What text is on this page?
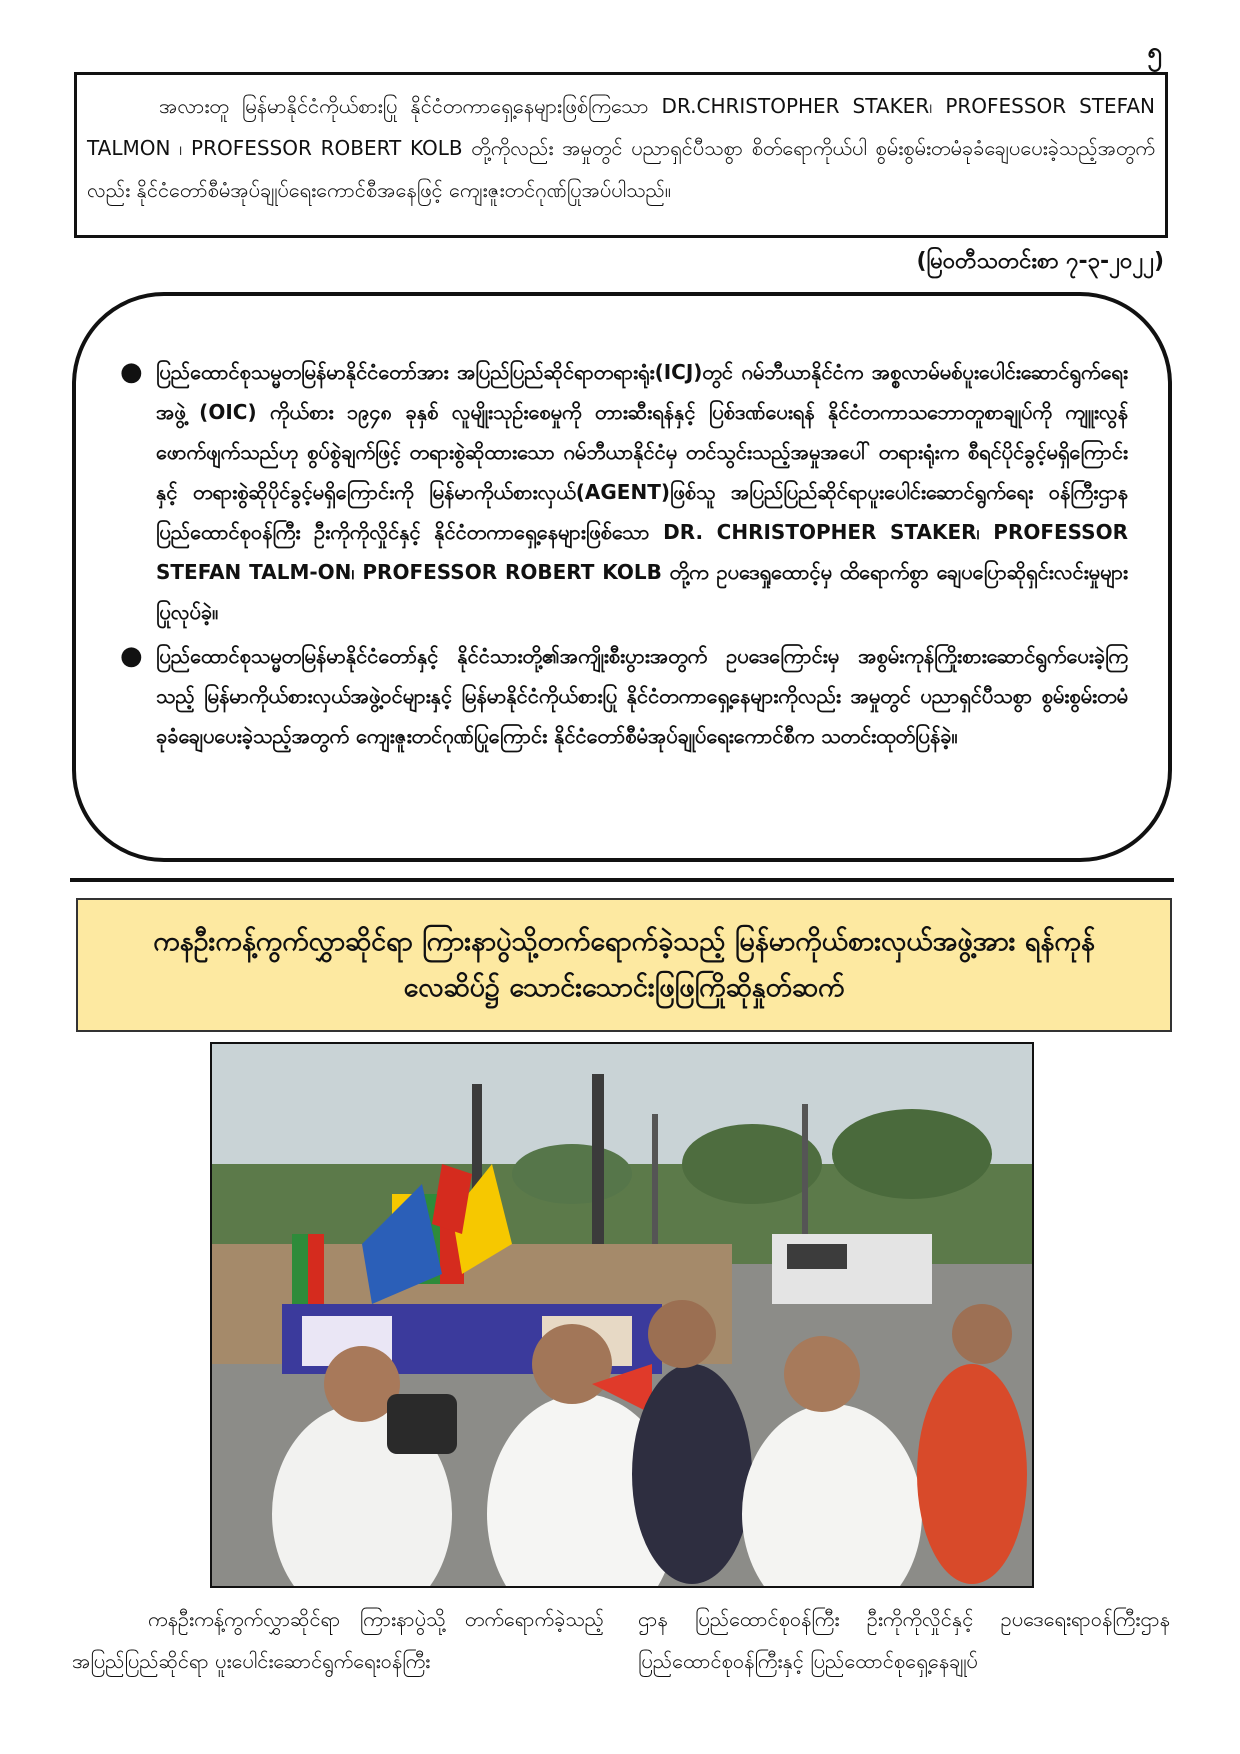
၅

အလားတူ မြန်မာနိုင်ငံကိုယ်စားပြု နိုင်ငံတကာရှေ့နေများဖြစ်ကြသော DR.CHRISTOPHER STAKER၊ PROFESSOR STEFAN TALMON ၊ PROFESSOR ROBERT KOLB တို့ကိုလည်း အမှုတွင် ပညာရှင်ပီသစွာ စိတ်ရောကိုယ်ပါ စွမ်းစွမ်းတမံခုခံချေပပေးခဲ့သည့်အတွက်လည်း နိုင်ငံတော်စီမံအုပ်ချုပ်ရေးကောင်စီအနေဖြင့် ကျေးဇူးတင်ဂုဏ်ပြုအပ်ပါသည်။

(မြဝတီသတင်းစာ ၇-၃-၂၀၂၂)
● ပြည်ထောင်စုသမ္မတမြန်မာနိုင်ငံတော်အား အပြည်ပြည်ဆိုင်ရာတရားရုံး(ICJ)တွင် ဂမ်ဘီယာနိုင်ငံက အစ္စလာမ်မစ်ပူးပေါင်းဆောင်ရွက်ရေးအဖွဲ့ (OIC) ကိုယ်စား ၁၉၄၈ ခုနှစ် လူမျိုးသုဉ်းစေမှုကို တားဆီးရန်နှင့် ပြစ်ဒဏ်ပေးရန် နိုင်ငံတကာသဘောတူစာချုပ်ကို ကျူးလွန်ဖောက်ဖျက်သည်ဟု စွပ်စွဲချက်ဖြင့် တရားစွဲဆိုထားသော ဂမ်ဘီယာနိုင်ငံမှ တင်သွင်းသည့်အမှုအပေါ် တရားရုံးက စီရင်ပိုင်ခွင့်မရှိကြောင်းနှင့် တရားစွဲဆိုပိုင်ခွင့်မရှိကြောင်းကို မြန်မာကိုယ်စားလှယ်(AGENT)ဖြစ်သူ အပြည်ပြည်ဆိုင်ရာပူးပေါင်းဆောင်ရွက်ရေး ဝန်ကြီးဌာန ပြည်ထောင်စုဝန်ကြီး ဦးကိုကိုလှိုင်နှင့် နိုင်ငံတကာရှေ့နေများဖြစ်သော DR. CHRISTOPHER STAKER၊ PROFESSOR STEFAN TALM-ON၊ PROFESSOR ROBERT KOLB တို့က ဥပဒေရှုထောင့်မှ ထိရောက်စွာ ချေပပြောဆိုရှင်းလင်းမှုများ ပြုလုပ်ခဲ့။
● ပြည်ထောင်စုသမ္မတမြန်မာနိုင်ငံတော်နှင့် နိုင်ငံသားတို့၏အကျိုးစီးပွားအတွက် ဥပဒေကြောင်းမှ အစွမ်းကုန်ကြိုးစားဆောင်ရွက်ပေးခဲ့ကြသည့် မြန်မာကိုယ်စားလှယ်အဖွဲ့ဝင်များနှင့် မြန်မာနိုင်ငံကိုယ်စားပြု နိုင်ငံတကာရှေ့နေများကိုလည်း အမှုတွင် ပညာရှင်ပီသစွာ စွမ်းစွမ်းတမံခုခံချေပပေးခဲ့သည့်အတွက် ကျေးဇူးတင်ဂုဏ်ပြုကြောင်း နိုင်ငံတော်စီမံအုပ်ချုပ်ရေးကောင်စီက သတင်းထုတ်ပြန်ခဲ့။
ကနဦးကန့်ကွက်လွှာဆိုင်ရာ ကြားနာပွဲသို့တက်ရောက်ခဲ့သည့် မြန်မာကိုယ်စားလှယ်အဖွဲ့အား ရန်ကုန်လေဆိပ်၌ သောင်းသောင်းဖြဖြကြိုဆိုနှုတ်ဆက်
ကနဦးကန့်ကွက်လွှာဆိုင်ရာ ကြားနာပွဲသို့ တက်ရောက်ခဲ့သည့် အပြည်ပြည်ဆိုင်ရာ ပူးပေါင်းဆောင်ရွက်ရေးဝန်ကြီး
ဌာန ပြည်ထောင်စုဝန်ကြီး ဦးကိုကိုလှိုင်နှင့် ဥပဒေရေးရာဝန်ကြီးဌာန ပြည်ထောင်စုဝန်ကြီးနှင့် ပြည်ထောင်စုရှေ့နေချုပ်
